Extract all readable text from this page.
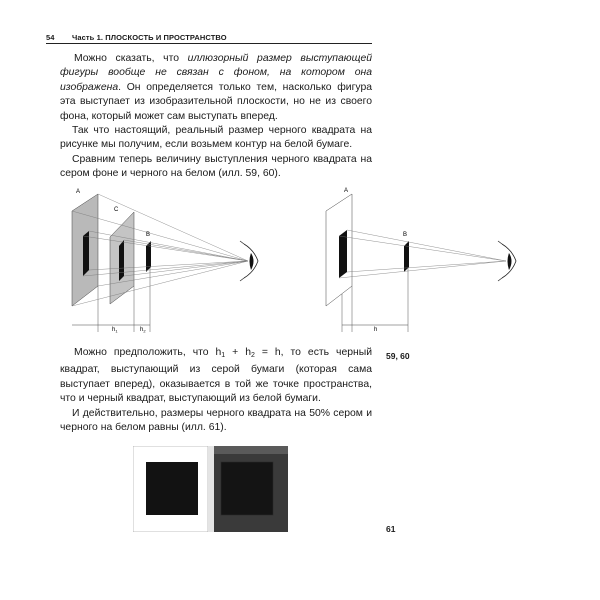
54 Часть 1. ПЛОСКОСТЬ И ПРОСТРАНСТВО

Можно сказать, что иллюзорный размер выступающей фигуры вообще не связан с фоном, на котором она изображена. Он определяется только тем, насколько фигура эта выступает из изобразительной плоскости, но не из своего фона, который может сам выступать вперед.

Так что настоящий, реальный размер черного квадрата на рисунке мы получим, если возьмем контур на белой бумаге.

Сравним теперь величину выступления черного квадрата на сером фоне и черного на белом (илл. 59, 60).

A
C
B
$h_1$	$h_2$
A
B
h
59, 60

Можно предположить, что $h_1 + h_2 = h$, то есть черный квадрат, выступающий из серой бумаги (которая сама выступает вперед), оказывается в той же точке пространства, что и черный квадрат, выступающий из белой бумаги.

И действительно, размеры черного квадрата на 50% сером и черного на белом равны (илл. 61).

61
